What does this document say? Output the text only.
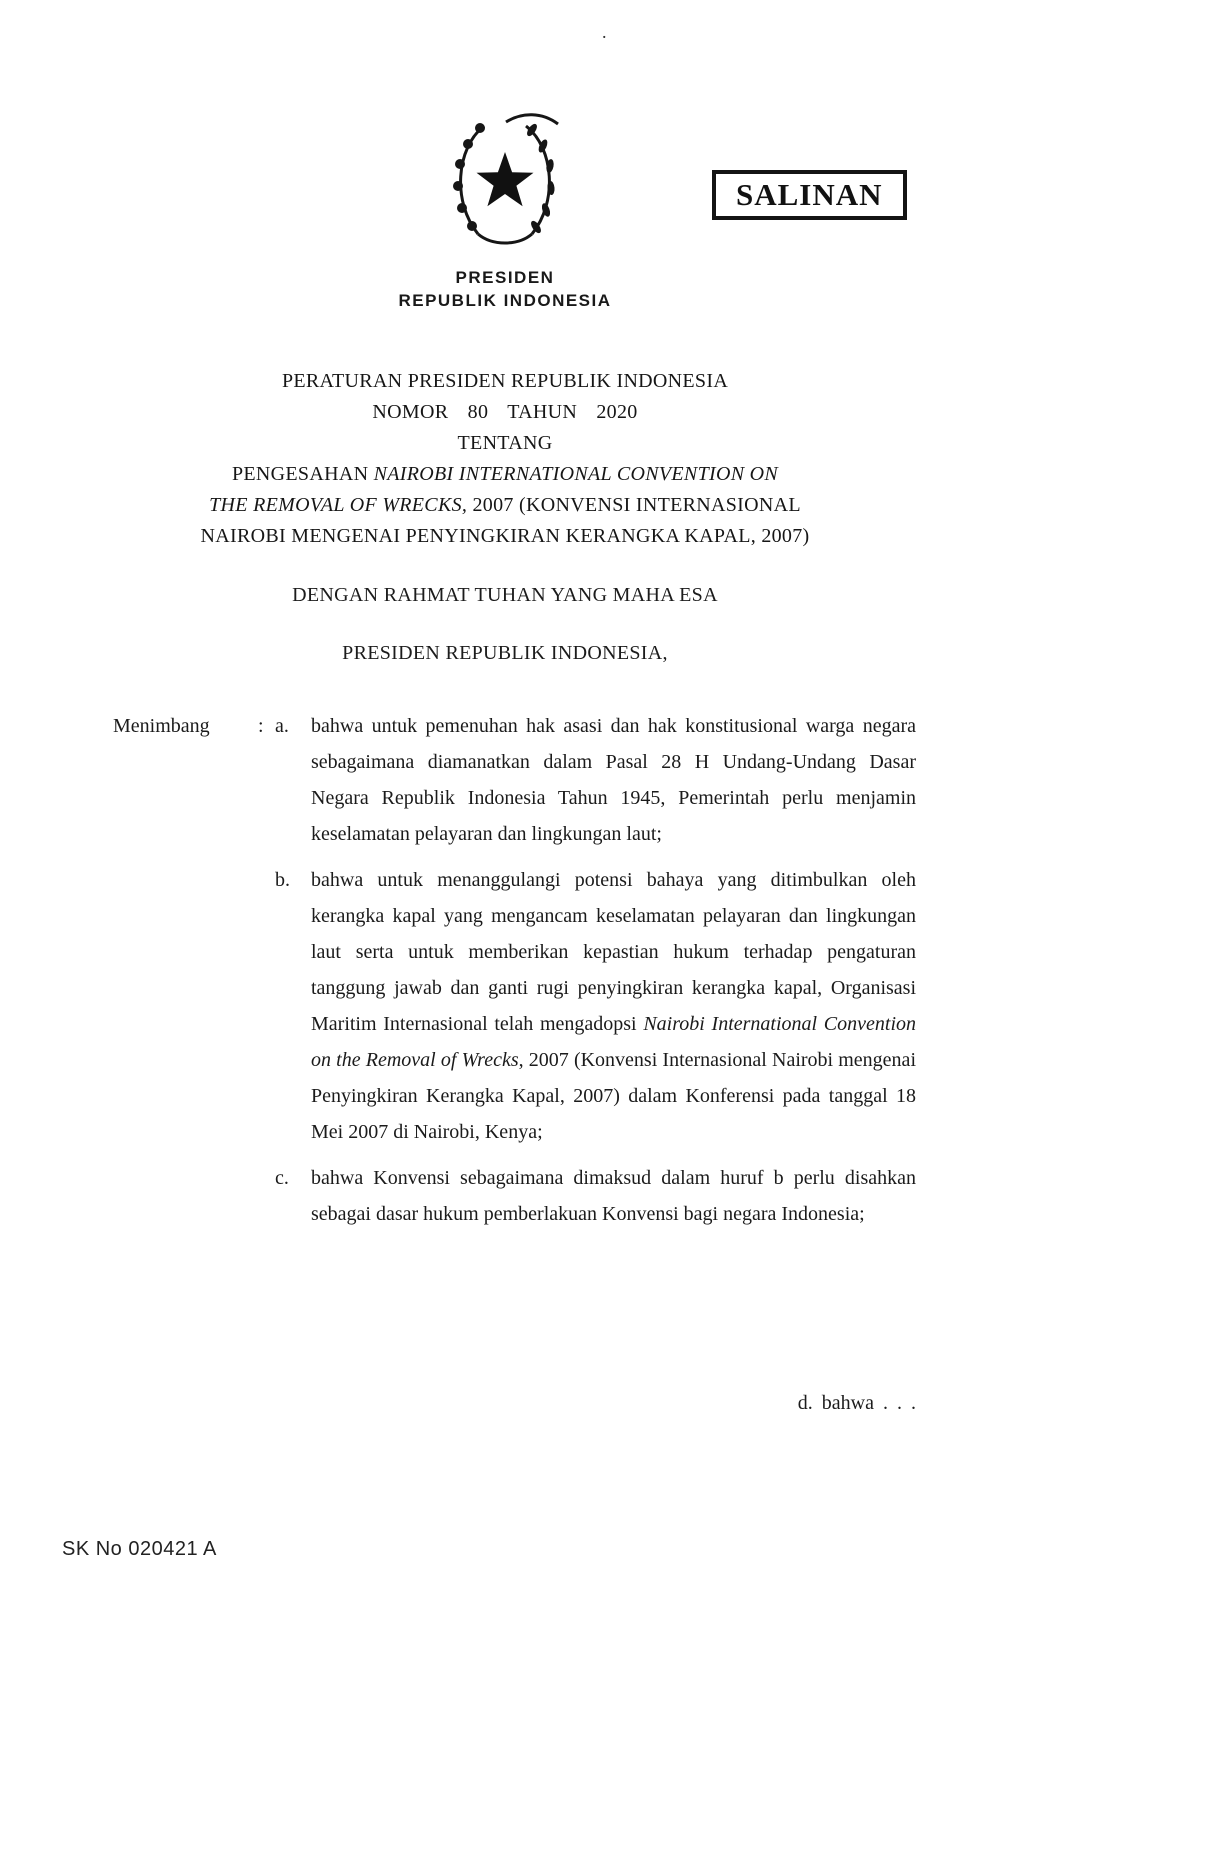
.
SALINAN
PRESIDEN
REPUBLIK INDONESIA
PERATURAN PRESIDEN REPUBLIK INDONESIA
NOMOR 80 TAHUN 2020
TENTANG
PENGESAHAN NAIROBI INTERNATIONAL CONVENTION ON
THE REMOVAL OF WRECKS, 2007 (KONVENSI INTERNASIONAL
NAIROBI MENGENAI PENYINGKIRAN KERANGKA KAPAL, 2007)
DENGAN RAHMAT TUHAN YANG MAHA ESA
PRESIDEN REPUBLIK INDONESIA,
Menimbang	: a.	bahwa untuk pemenuhan hak asasi dan hak konstitusional warga negara sebagaimana diamanatkan dalam Pasal 28 H Undang-Undang Dasar Negara Republik Indonesia Tahun 1945, Pemerintah perlu menjamin keselamatan pelayaran dan lingkungan laut;
b.	bahwa untuk menanggulangi potensi bahaya yang ditimbulkan oleh kerangka kapal yang mengancam keselamatan pelayaran dan lingkungan laut serta untuk memberikan kepastian hukum terhadap pengaturan tanggung jawab dan ganti rugi penyingkiran kerangka kapal, Organisasi Maritim Internasional telah mengadopsi Nairobi International Convention on the Removal of Wrecks, 2007 (Konvensi Internasional Nairobi mengenai Penyingkiran Kerangka Kapal, 2007) dalam Konferensi pada tanggal 18 Mei 2007 di Nairobi, Kenya;
c.	bahwa Konvensi sebagaimana dimaksud dalam huruf b perlu disahkan sebagai dasar hukum pemberlakuan Konvensi bagi negara Indonesia;
d. bahwa . . .
SK No 020421 A
